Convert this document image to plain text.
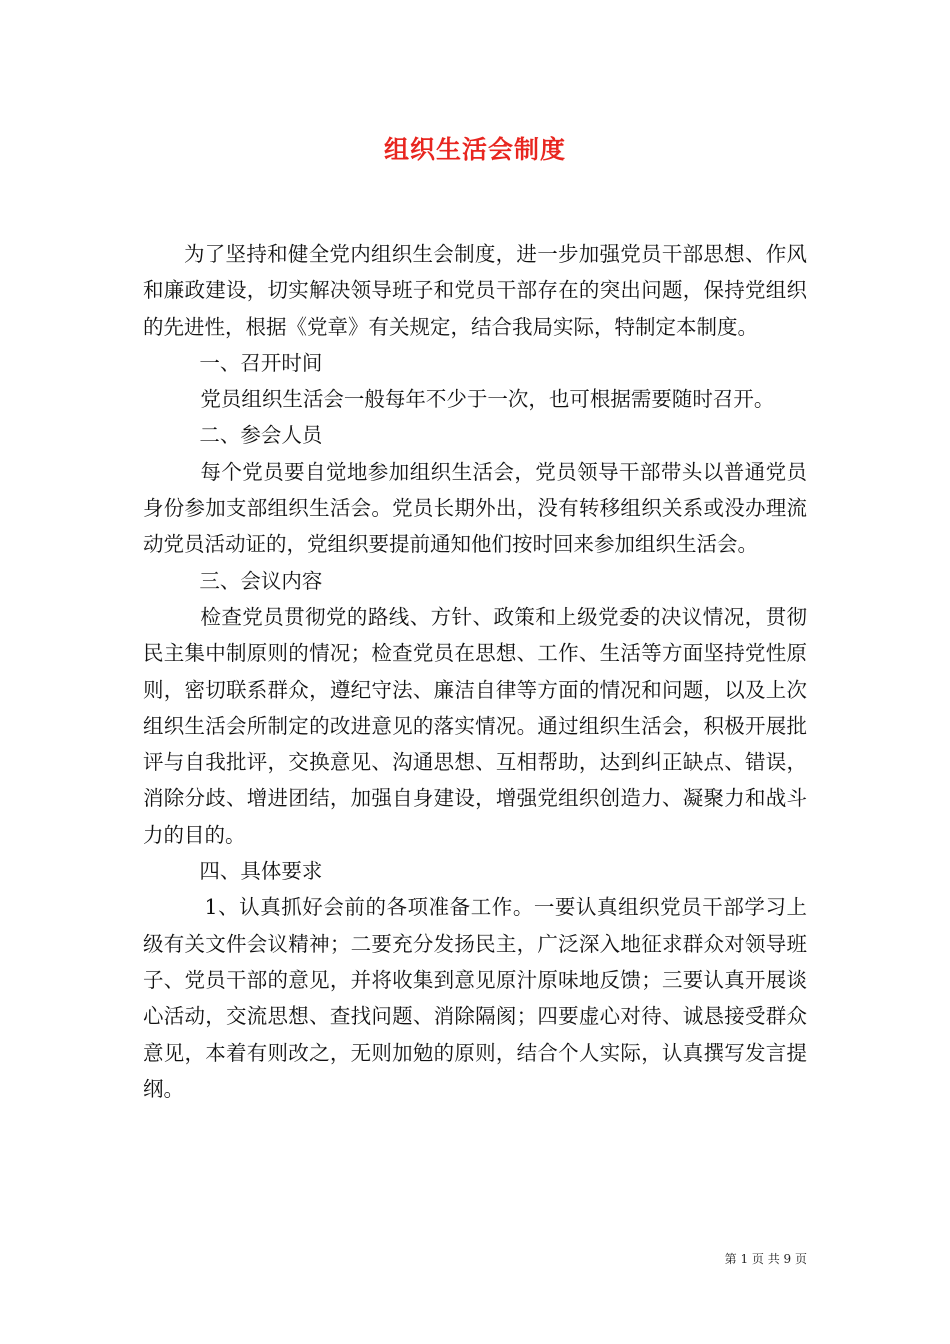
组织生活会制度

为了坚持和健全党内组织生会制度，进一步加强党员干部思想、作风和廉政建设，切实解决领导班子和党员干部存在的突出问题，保持党组织的先进性，根据《党章》有关规定，结合我局实际，特制定本制度。

一、召开时间

党员组织生活会一般每年不少于一次，也可根据需要随时召开。

二、参会人员

每个党员要自觉地参加组织生活会，党员领导干部带头以普通党员身份参加支部组织生活会。党员长期外出，没有转移组织关系或没办理流动党员活动证的，党组织要提前通知他们按时回来参加组织生活会。

三、会议内容

检查党员贯彻党的路线、方针、政策和上级党委的决议情况，贯彻民主集中制原则的情况；检查党员在思想、工作、生活等方面坚持党性原则，密切联系群众，遵纪守法、廉洁自律等方面的情况和问题，以及上次组织生活会所制定的改进意见的落实情况。通过组织生活会，积极开展批评与自我批评，交换意见、沟通思想、互相帮助，达到纠正缺点、错误，消除分歧、增进团结，加强自身建设，增强党组织创造力、凝聚力和战斗力的目的。

四、具体要求

1、认真抓好会前的各项准备工作。一要认真组织党员干部学习上级有关文件会议精神；二要充分发扬民主，广泛深入地征求群众对领导班子、党员干部的意见，并将收集到意见原汁原味地反馈；三要认真开展谈心活动，交流思想、查找问题、消除隔阂；四要虚心对待、诚恳接受群众意见，本着有则改之，无则加勉的原则，结合个人实际，认真撰写发言提纲。

第 1 页 共 9 页
